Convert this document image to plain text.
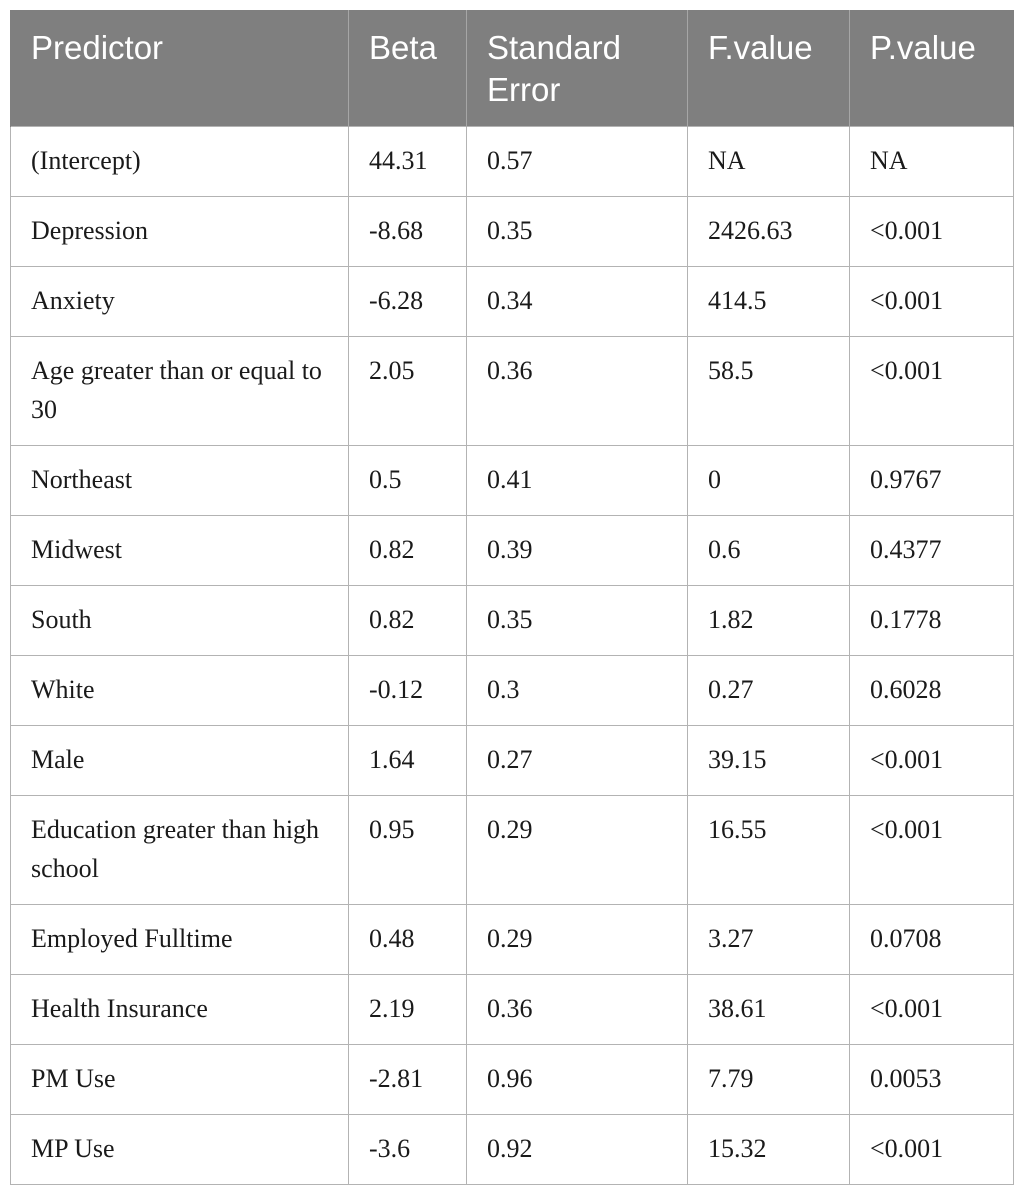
Predictor	Beta	Standard Error	F.value	P.value
(Intercept)	44.31	0.57	NA	NA
Depression	-8.68	0.35	2426.63	<0.001
Anxiety	-6.28	0.34	414.5	<0.001
Age greater than or equal to 30	2.05	0.36	58.5	<0.001
Northeast	0.5	0.41	0	0.9767
Midwest	0.82	0.39	0.6	0.4377
South	0.82	0.35	1.82	0.1778
White	-0.12	0.3	0.27	0.6028
Male	1.64	0.27	39.15	<0.001
Education greater than high school	0.95	0.29	16.55	<0.001
Employed Fulltime	0.48	0.29	3.27	0.0708
Health Insurance	2.19	0.36	38.61	<0.001
PM Use	-2.81	0.96	7.79	0.0053
MP Use	-3.6	0.92	15.32	<0.001
